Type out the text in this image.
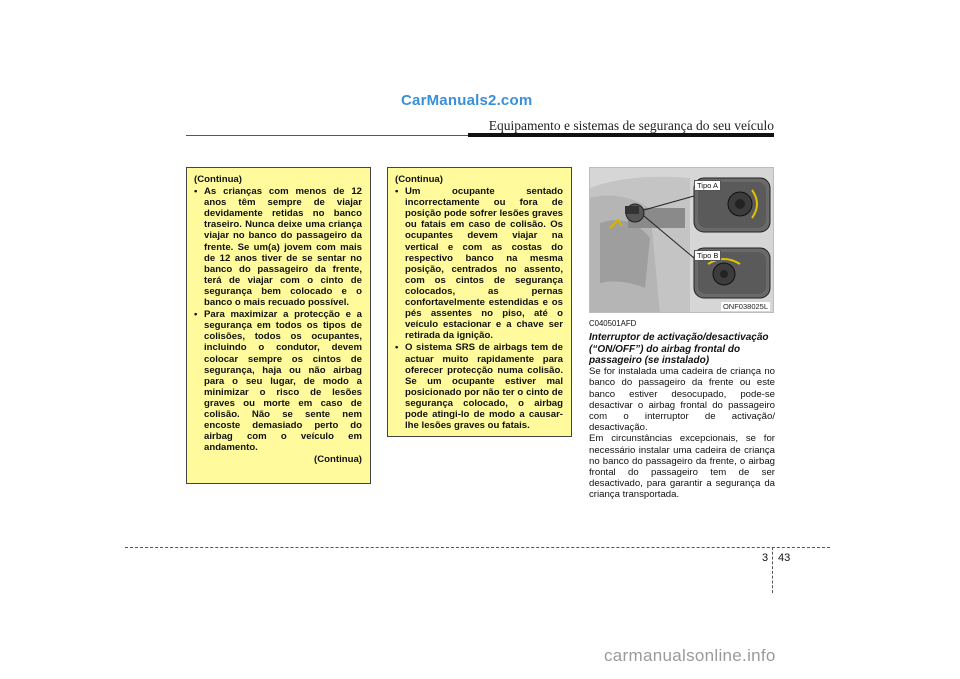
CarManuals2.com
Equipamento e sistemas de segurança do seu veículo
(Continua)
• As crianças com menos de 12 anos têm sempre de viajar devidamente retidas no banco traseiro. Nunca deixe uma criança viajar no banco do passageiro da frente. Se um(a) jovem com mais de 12 anos tiver de se sentar no banco do passageiro da frente, terá de viajar com o cinto de segurança bem colocado e o banco o mais recuado possível.
• Para maximizar a protecção e a segurança em todos os tipos de colisões, todos os ocupantes, incluindo o condutor, devem colocar sempre os cintos de segurança, haja ou não airbag para o seu lugar, de modo a minimizar o risco de lesões graves ou morte em caso de colisão. Não se sente nem encoste demasiado perto do airbag com o veículo em andamento.
(Continua)
(Continua)
• Um ocupante sentado incorrectamente ou fora de posição pode sofrer lesões graves ou fatais em caso de colisão. Os ocupantes devem viajar na vertical e com as costas do respectivo banco na mesma posição, centrados no assento, com os cintos de segurança colocados, as pernas confortavelmente estendidas e os pés assentes no piso, até o veículo estacionar e a chave ser retirada da ignição.
• O sistema SRS de airbags tem de actuar muito rapidamente para oferecer protecção numa colisão. Se um ocupante estiver mal posicionado por não ter o cinto de segurança colocado, o airbag pode atingi-lo de modo a causar-lhe lesões graves ou fatais.
Tipo A
Tipo B
ONF038025L
C040501AFD
Interruptor de activação/desactivação (“ON/OFF”) do airbag frontal do passageiro (se instalado)

Se for instalada uma cadeira de criança no banco do passageiro da frente ou este banco estiver desocupado, pode-se desactivar o airbag frontal do passageiro com o interruptor de activação/ desactivação.

Em circunstâncias excepcionais, se for necessário instalar uma cadeira de criança no banco do passageiro da frente, o airbag frontal do passageiro tem de ser desactivado, para garantir a segurança da criança transportada.

3 43
carmanualsonline.info
